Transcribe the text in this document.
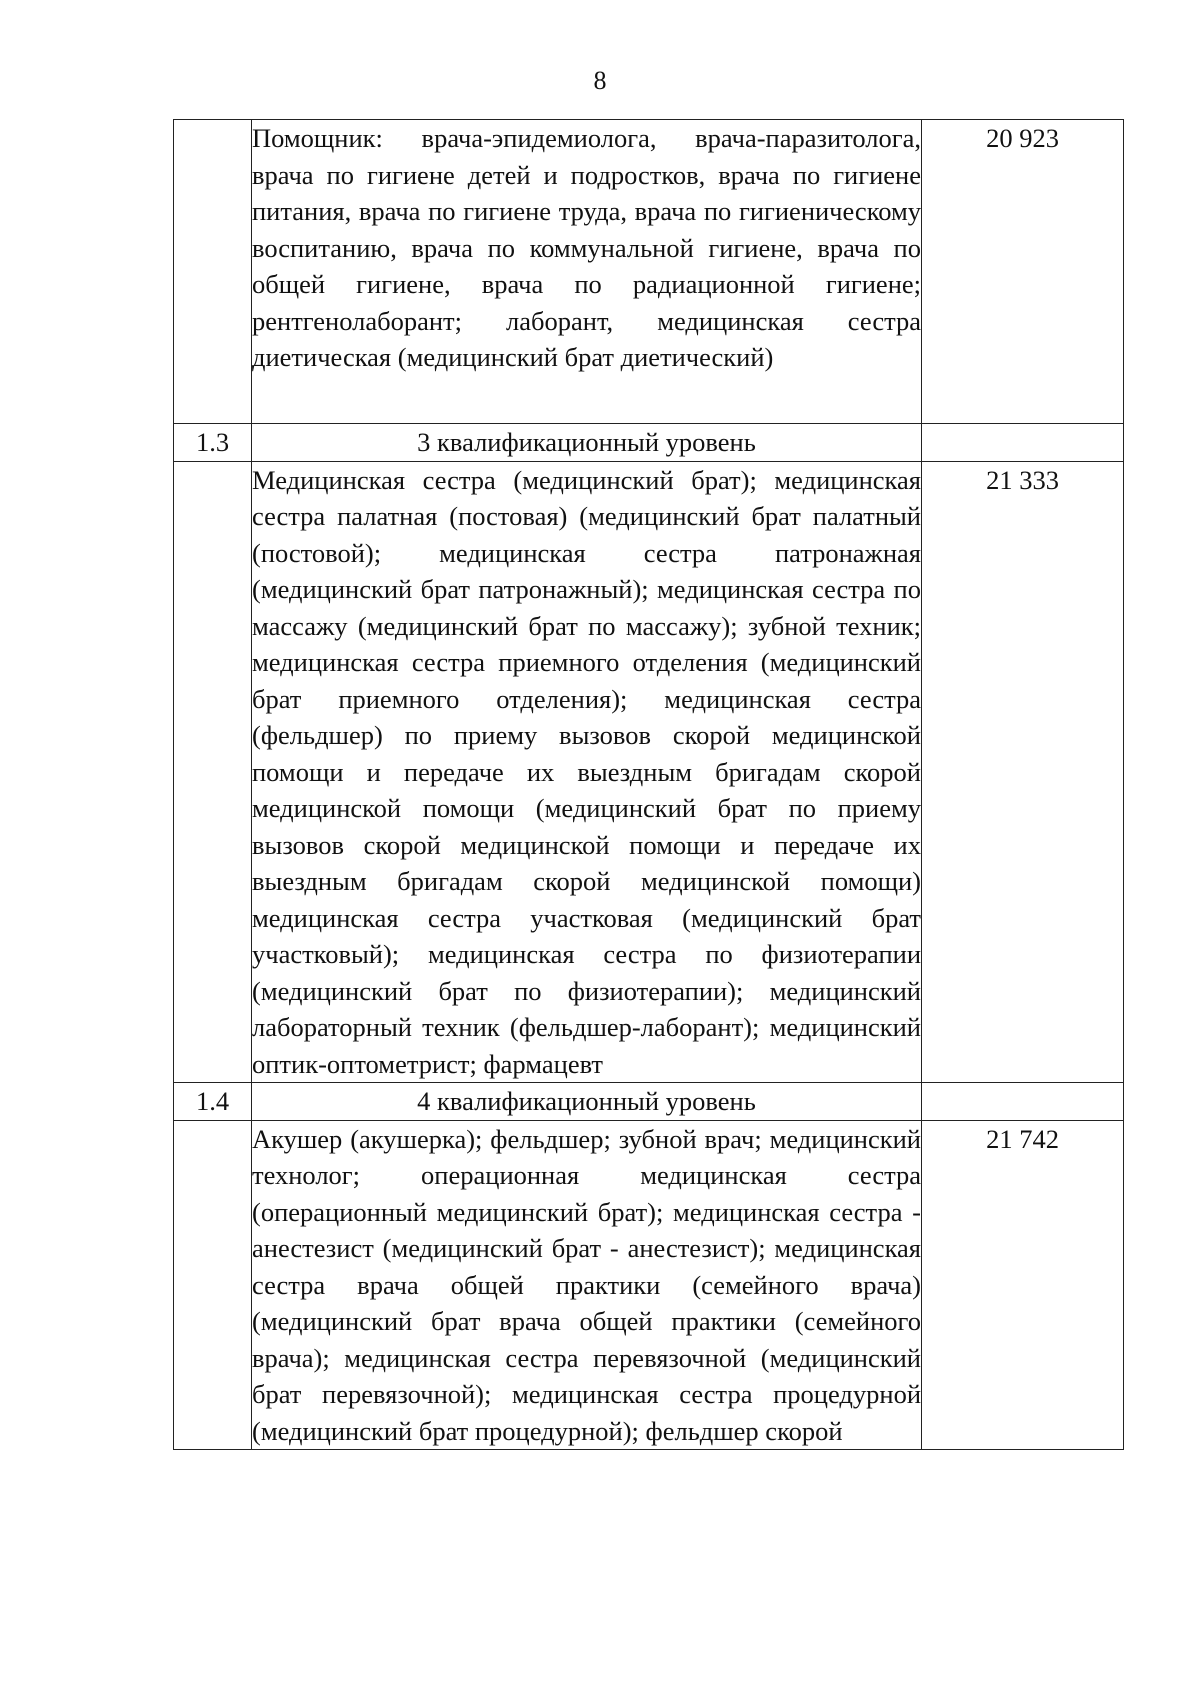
8

	Помощник: врача-эпидемиолога, врача-паразитолога, врача по гигиене детей и подростков, врача по гигиене питания, врача по гигиене труда, врача по гигиеническому воспитанию, врача по коммунальной гигиене, врача по общей гигиене, врача по радиационной гигиене; рентгенолаборант; лаборант, медицинская сестра диетическая (медицинский брат диетический)	20 923
1.3	3 квалификационный уровень	

	Медицинская сестра (медицинский брат); медицинская сестра палатная (постовая) (медицинский брат палатный (постовой); медицинская сестра патронажная (медицинский брат патронажный); медицинская сестра по массажу (медицинский брат по массажу); зубной техник; медицинская сестра приемного отделения (медицинский брат приемного отделения); медицинская сестра (фельдшер) по приему вызовов скорой медицинской помощи и передаче их выездным бригадам скорой медицинской помощи (медицинский брат по приему вызовов скорой медицинской помощи и передаче их выездным бригадам скорой медицинской помощи) медицинская сестра участковая (медицинский брат участковый); медицинская сестра по физиотерапии (медицинский брат по физиотерапии); медицинский лабораторный техник (фельдшер-лаборант); медицинский оптик-оптометрист; фармацевт	21 333
1.4	4 квалификационный уровень	

	Акушер (акушерка); фельдшер; зубной врач; медицинский технолог; операционная медицинская сестра (операционный медицинский брат); медицинская сестра - анестезист (медицинский брат - анестезист); медицинская сестра врача общей практики (семейного врача) (медицинский брат врача общей практики (семейного врача); медицинская сестра перевязочной (медицинский брат перевязочной); медицинская сестра процедурной (медицинский брат процедурной); фельдшер скорой	21 742
